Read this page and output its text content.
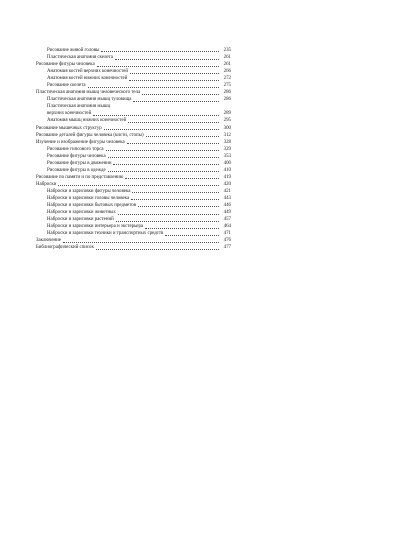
Рисование живой головы	235
Пластическая анатомия скелета	261
Рисование фигуры человека	261
Анатомия костей верхних конечностей	266
Анатомия костей нижних конечностей	272
Рисование скелета	275
Пластическая анатомия мышц человеческого тела	286
Пластическая анатомия мышц туловища	286
Пластическая анатомия мышц
верхних конечностей	289
Анатомия мышц нижних конечностей	295
Рисование мышечных структур	300
Рисование деталей фигуры человека (кисти, стопы)	312
Изучение и изображение фигуры человека	328
Рисование гипсового торса	329
Рисование фигуры человека	353
Рисование фигуры в движении	400
Рисование фигуры в одежде	410
Рисование по памяти и по представлению	419
Наброски	420
Наброски и зарисовки фигуры человека	421
Наброски и зарисовки головы человека	443
Наброски и зарисовки бытовых предметов	446
Наброски и зарисовки животных	449
Наброски и зарисовки растений	457
Наброски и зарисовки интерьера и экстерьера	464
Наброски и зарисовки техники и транспортных средств	471
Заключение	476
Библиографический список	477
